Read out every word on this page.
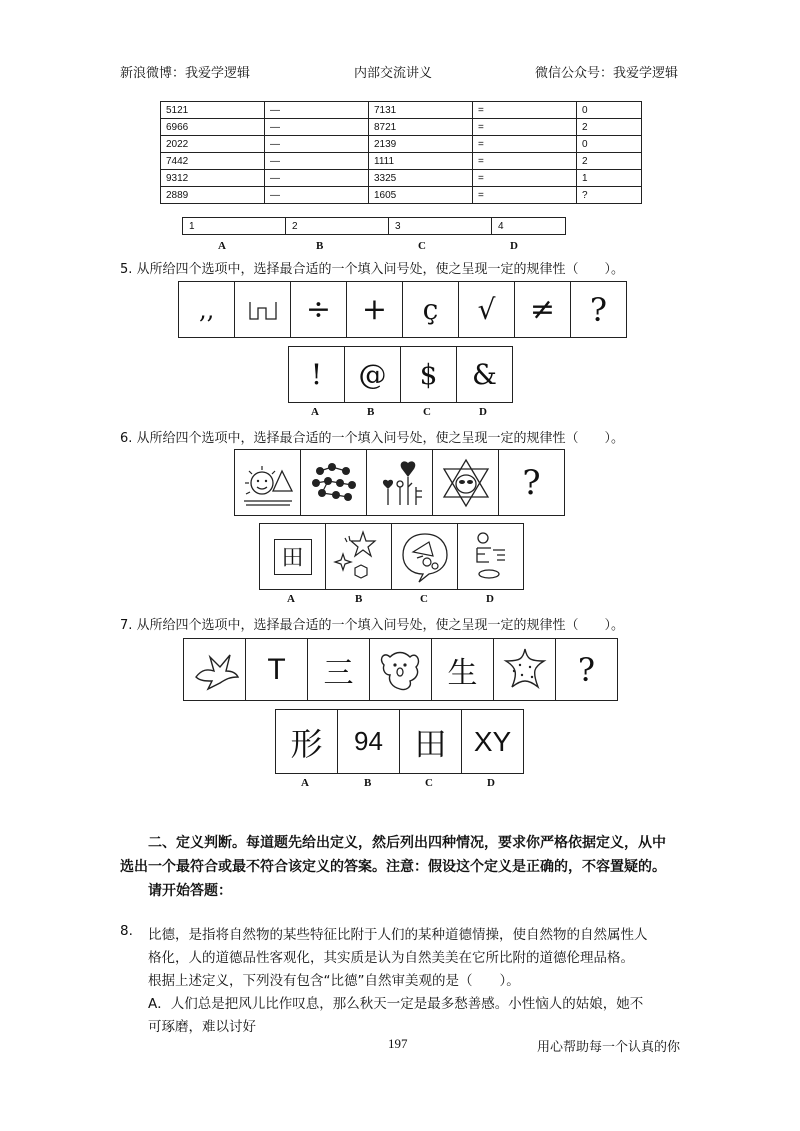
新浪微博：我爱学逻辑	内部交流讲义	微信公众号：我爱学逻辑
5121	—	7131	=	0
6966	—	8721	=	2
2022	—	2139	=	0
7442	—	1111	=	2
9312	—	3325	=	1
2889	—	1605	=	?
1	2	3	4
A	B	C	D
5. 从所给四个选项中，选择最合适的一个填入问号处，使之呈现一定的规律性（　　）。
‚‚	÷	+	ç	√	≠	?
!	@	$	&
A	B	C	D
6. 从所给四个选项中，选择最合适的一个填入问号处，使之呈现一定的规律性（　　）。
?
田
A	B	C	D
7. 从所给四个选项中，选择最合适的一个填入问号处，使之呈现一定的规律性（　　）。
T	三	生	?
形	94 田 XY
A	B	C	D
二、定义判断。每道题先给出定义，然后列出四种情况，要求你严格依据定义，从中
选出一个最符合或最不符合该定义的答案。注意：假设这个定义是正确的，不容置疑的。
请开始答题：
8. 比德，是指将自然物的某些特征比附于人们的某种道德情操，使自然物的自然属性人
格化，人的道德品性客观化，其实质是认为自然美美在它所比附的道德伦理品格。
根据上述定义，下列没有包含“比德”自然审美观的是（　　）。
A．人们总是把风儿比作叹息，那么秋天一定是最多愁善感。小性恼人的姑娘，她不
可琢磨，难以讨好
197	用心帮助每一个认真的你
